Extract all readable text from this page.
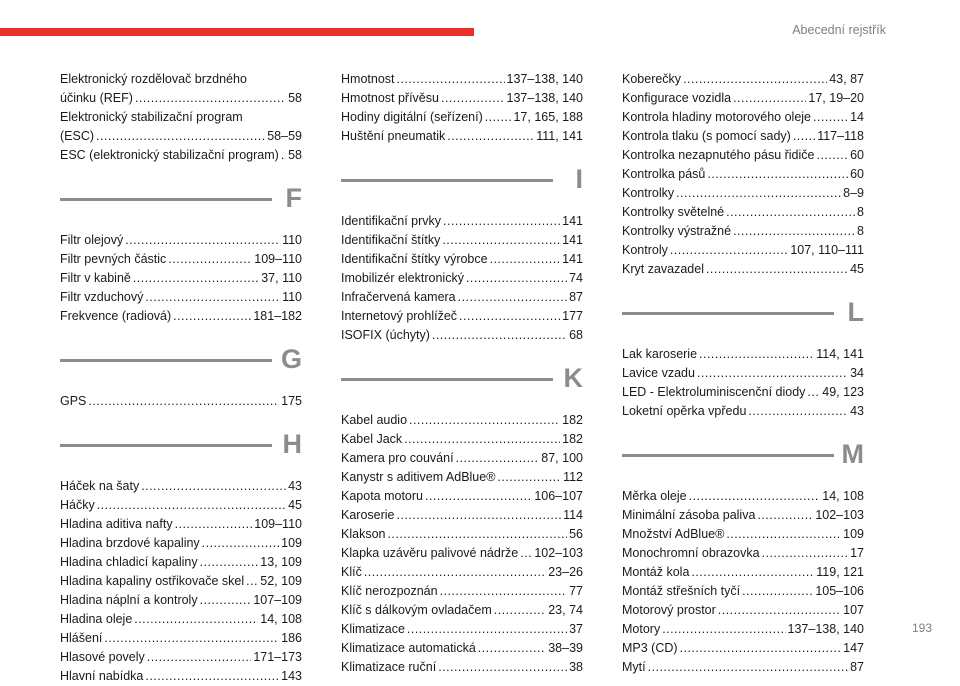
Abecední rejstřík
Elektronický rozdělovač brzdného
účinku (REF) . . .	58
Elektronický stabilizační program
(ESC) . . .	58–59
ESC (elektronický stabilizační program) . . . 58
F
Filtr olejový . . .	110
Filtr pevných částic . . .	109–110
Filtr v kabině . . .	37, 110
Filtr vzduchový . . .	110
Frekvence (radiová) . . .	181–182
G
GPS . . .	175
H
Háček na šaty . . .	43
Háčky . . .	45
Hladina aditiva nafty . . .	109–110
Hladina brzdové kapaliny . . .	109
Hladina chladicí kapaliny . . .	13, 109
Hladina kapaliny ostřikovače skel . . . 52, 109
Hladina náplní a kontroly . . .	107–109
Hladina oleje . . .	14, 108
Hlášení . . .	186
Hlasové povely . . .	171–173
Hlavní nabídka . . .	143
Hmotnost . . .	137–138, 140
Hmotnost přívěsu . . .	137–138, 140
Hodiny digitální (seřízení) . . . 17, 165, 188
Huštění pneumatik . . .	111, 141
I
Identifikační prvky . . .	141
Identifikační štítky . . .	141
Identifikační štítky výrobce . . .	141
Imobilizér elektronický . . .	74
Infračervená kamera . . .	87
Internetový prohlížeč . . .	177
ISOFIX (úchyty) . . .	68
K
Kabel audio . . .	182
Kabel Jack . . .	182
Kamera pro couvání . . .	87, 100
Kanystr s aditivem AdBlue® . . .	112
Kapota motoru . . .	106–107
Karoserie . . .	114
Klakson . . .	56
Klapka uzávěru palivové nádrže . . . 102–103
Klíč . . .	23–26
Klíč nerozpoznán . . .	77
Klíč s dálkovým ovladačem . . .	23, 74
Klimatizace . . .	37
Klimatizace automatická . . .	38–39
Klimatizace ruční . . .	38
Koberečky . . .	43, 87
Konfigurace vozidla . . .	17, 19–20
Kontrola hladiny motorového oleje . . .	14
Kontrola tlaku (s pomocí sady) . . . 117–118
Kontrolka nezapnutého pásu řidiče . . .	60
Kontrolka pásů . . .	60
Kontrolky . . .	8–9
Kontrolky světelné . . .	8
Kontrolky výstražné . . .	8
Kontroly . . .	107, 110–111
Kryt zavazadel . . .	45
L
Lak karoserie . . .	114, 141
Lavice vzadu . . .	34
LED - Elektroluminiscenční diody . . . 49, 123
Loketní opěrka vpředu . . .	43
M
Měrka oleje . . .	14, 108
Minimální zásoba paliva . . .	102–103
Množství AdBlue® . . .	109
Monochromní obrazovka . . .	17
Montáž kola . . .	119, 121
Montáž střešních tyčí . . .	105–106
Motorový prostor . . .	107
Motory . . .	137–138, 140
MP3 (CD) . . .	147
Mytí . . .	87
193
